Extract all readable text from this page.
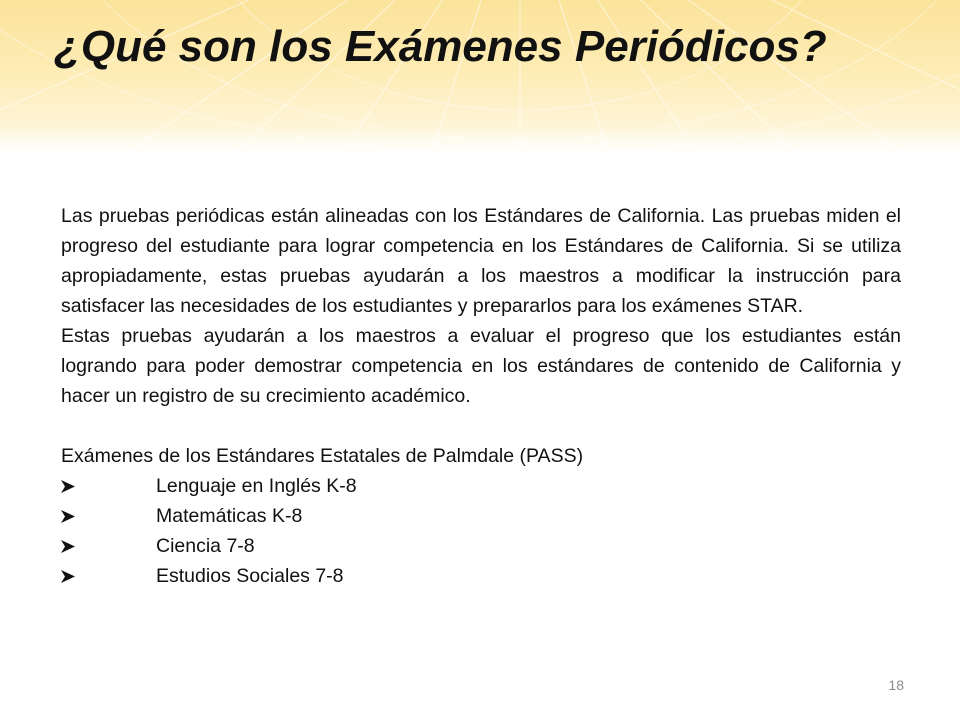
¿Qué son los Exámenes Periódicos?

Las pruebas periódicas están alineadas con los Estándares de California. Las pruebas miden el progreso del estudiante para lograr competencia en los Estándares de California. Si se utiliza apropiadamente, estas pruebas ayudarán a los maestros a modificar la instrucción para satisfacer las necesidades de los estudiantes y prepararlos para los exámenes STAR.

Estas pruebas ayudarán a los maestros a evaluar el progreso que los estudiantes están logrando para poder demostrar competencia en los estándares de contenido de California y hacer un registro de su crecimiento académico.

Exámenes de los Estándares Estatales de Palmdale (PASS)

Lenguaje en Inglés K-8
Matemáticas K-8
Ciencia 7-8
Estudios Sociales 7-8
18
